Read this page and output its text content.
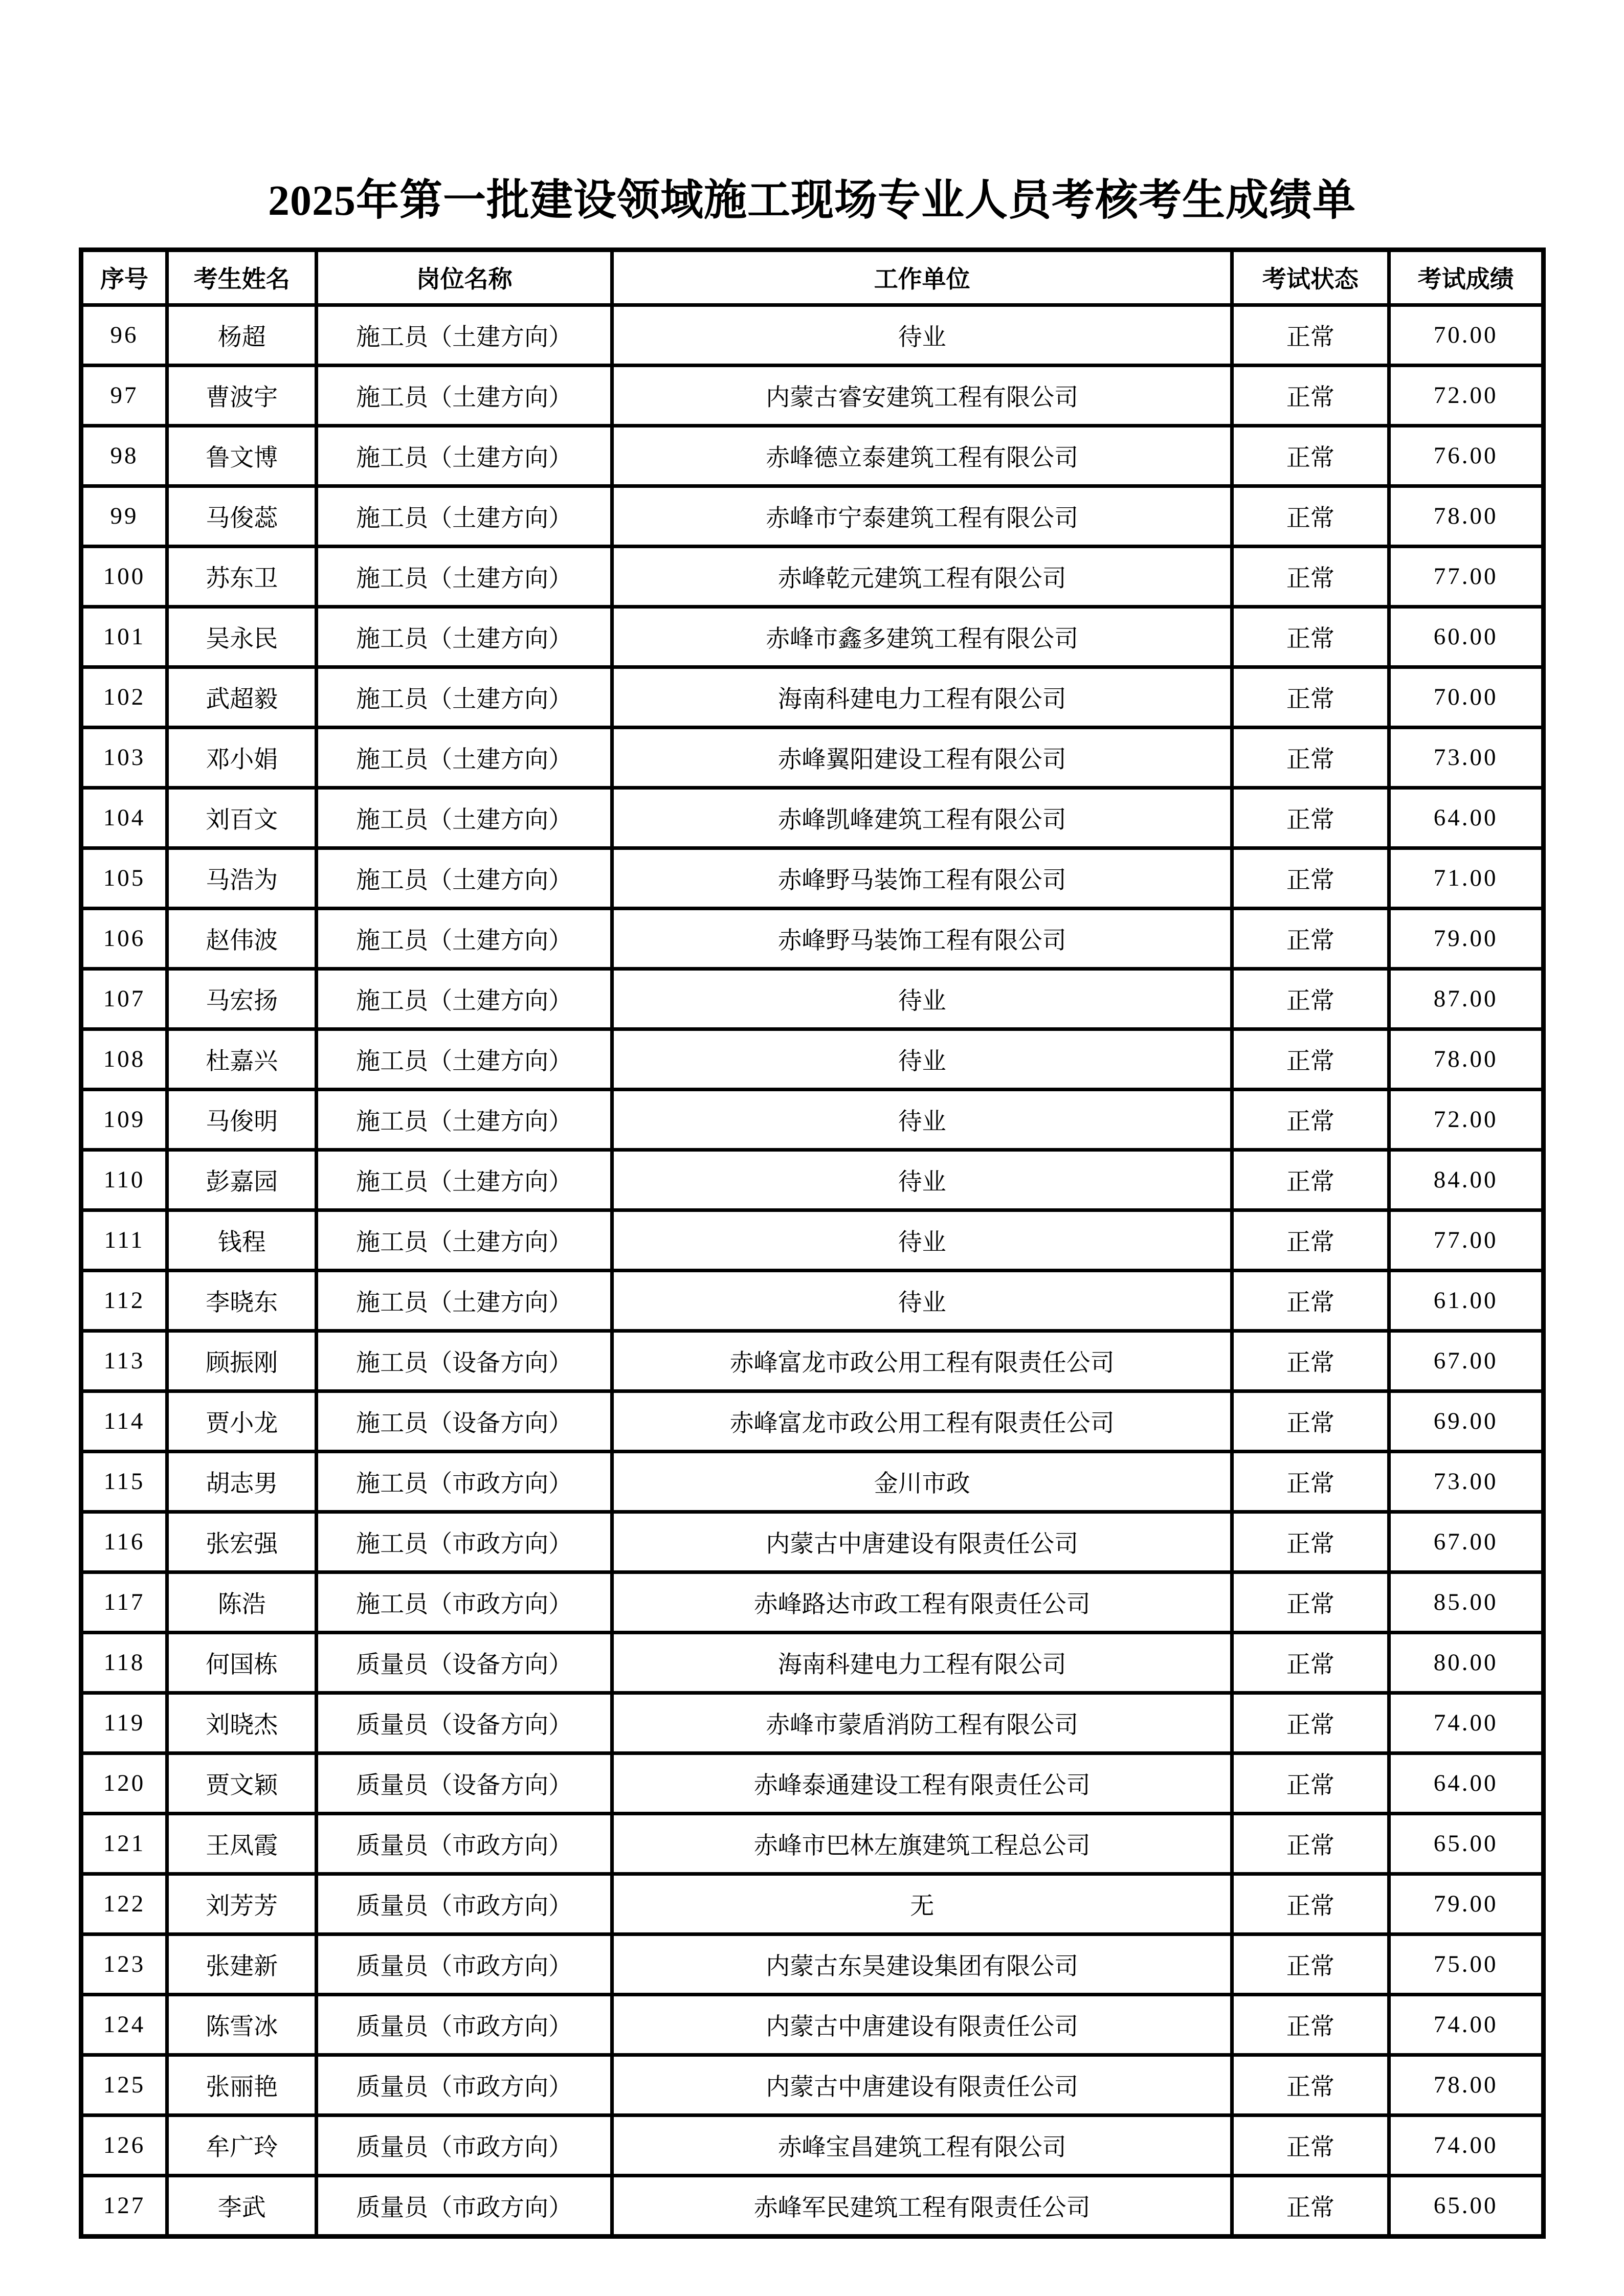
2025年第一批建设领域施工现场专业人员考核考生成绩单
序号	考生姓名	岗位名称	工作单位	考试状态	考试成绩
96	杨超	施工员（土建方向）	待业	正常	70.00
97	曹波宇	施工员（土建方向）	内蒙古睿安建筑工程有限公司	正常	72.00
98	鲁文博	施工员（土建方向）	赤峰德立泰建筑工程有限公司	正常	76.00
99	马俊蕊	施工员（土建方向）	赤峰市宁泰建筑工程有限公司	正常	78.00
100	苏东卫	施工员（土建方向）	赤峰乾元建筑工程有限公司	正常	77.00
101	吴永民	施工员（土建方向）	赤峰市鑫多建筑工程有限公司	正常	60.00
102	武超毅	施工员（土建方向）	海南科建电力工程有限公司	正常	70.00
103	邓小娟	施工员（土建方向）	赤峰翼阳建设工程有限公司	正常	73.00
104	刘百文	施工员（土建方向）	赤峰凯峰建筑工程有限公司	正常	64.00
105	马浩为	施工员（土建方向）	赤峰野马装饰工程有限公司	正常	71.00
106	赵伟波	施工员（土建方向）	赤峰野马装饰工程有限公司	正常	79.00
107	马宏扬	施工员（土建方向）	待业	正常	87.00
108	杜嘉兴	施工员（土建方向）	待业	正常	78.00
109	马俊明	施工员（土建方向）	待业	正常	72.00
110	彭嘉园	施工员（土建方向）	待业	正常	84.00
111	钱程	施工员（土建方向）	待业	正常	77.00
112	李晓东	施工员（土建方向）	待业	正常	61.00
113	顾振刚	施工员（设备方向）	赤峰富龙市政公用工程有限责任公司	正常	67.00
114	贾小龙	施工员（设备方向）	赤峰富龙市政公用工程有限责任公司	正常	69.00
115	胡志男	施工员（市政方向）	金川市政	正常	73.00
116	张宏强	施工员（市政方向）	内蒙古中唐建设有限责任公司	正常	67.00
117	陈浩	施工员（市政方向）	赤峰路达市政工程有限责任公司	正常	85.00
118	何国栋	质量员（设备方向）	海南科建电力工程有限公司	正常	80.00
119	刘晓杰	质量员（设备方向）	赤峰市蒙盾消防工程有限公司	正常	74.00
120	贾文颖	质量员（设备方向）	赤峰泰通建设工程有限责任公司	正常	64.00
121	王凤霞	质量员（市政方向）	赤峰市巴林左旗建筑工程总公司	正常	65.00
122	刘芳芳	质量员（市政方向）	无	正常	79.00
123	张建新	质量员（市政方向）	内蒙古东昊建设集团有限公司	正常	75.00
124	陈雪冰	质量员（市政方向）	内蒙古中唐建设有限责任公司	正常	74.00
125	张丽艳	质量员（市政方向）	内蒙古中唐建设有限责任公司	正常	78.00
126	牟广玲	质量员（市政方向）	赤峰宝昌建筑工程有限公司	正常	74.00
127	李武	质量员（市政方向）	赤峰军民建筑工程有限责任公司	正常	65.00
